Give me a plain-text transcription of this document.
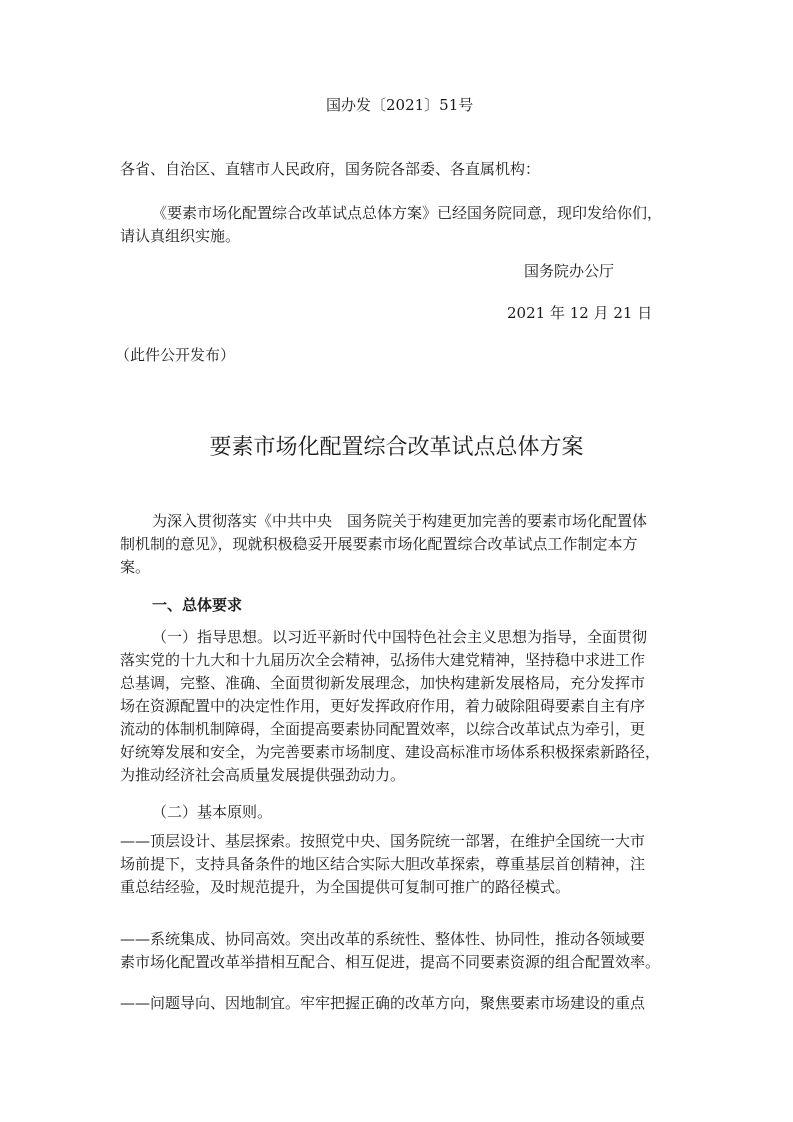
国办发〔2021〕51号

各省、自治区、直辖市人民政府，国务院各部委、各直属机构：

《要素市场化配置综合改革试点总体方案》已经国务院同意，现印发给你们，

请认真组织实施。

国务院办公厅

2021 年 12 月 21 日

（此件公开发布）

要素市场化配置综合改革试点总体方案
为深入贯彻落实《中共中央　国务院关于构建更加完善的要素市场化配置体
制机制的意见》，现就积极稳妥开展要素市场化配置综合改革试点工作制定本方
案。

一、总体要求

（一）指导思想。以习近平新时代中国特色社会主义思想为指导，全面贯彻
落实党的十九大和十九届历次全会精神，弘扬伟大建党精神，坚持稳中求进工作
总基调，完整、准确、全面贯彻新发展理念，加快构建新发展格局，充分发挥市
场在资源配置中的决定性作用，更好发挥政府作用，着力破除阻碍要素自主有序
流动的体制机制障碍，全面提高要素协同配置效率，以综合改革试点为牵引，更
好统筹发展和安全，为完善要素市场制度、建设高标准市场体系积极探索新路径，
为推动经济社会高质量发展提供强劲动力。

（二）基本原则。

——顶层设计、基层探索。按照党中央、国务院统一部署，在维护全国统一大市
场前提下，支持具备条件的地区结合实际大胆改革探索，尊重基层首创精神，注
重总结经验，及时规范提升，为全国提供可复制可推广的路径模式。
——系统集成、协同高效。突出改革的系统性、整体性、协同性，推动各领域要
素市场化配置改革举措相互配合、相互促进，提高不同要素资源的组合配置效率。
——问题导向、因地制宜。牢牢把握正确的改革方向，聚焦要素市场建设的重点
